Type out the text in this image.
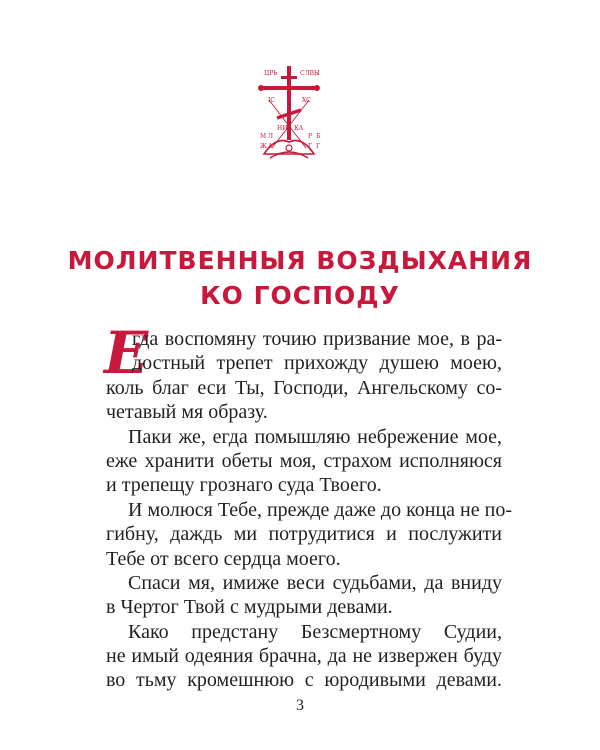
ЦРЬ	СЛВЫ
IC	XC
НИ КА
М Л	Р Б
Ж А	Г Г
МОЛИТВЕННЫЯ ВОЗДЫХАНИЯ
КО ГОСПОДУ
Е
гда воспомяну точию призвание мое, в ра-
достный трепет прихожду душею моею,
коль благ еси Ты, Господи, Ангельскому со-
четавый мя образу.
Паки же, егда помышляю небрежение мое,
еже хранити обеты моя, страхом исполняюся
и трепещу грознаго суда Твоего.
И молюся Тебе, прежде даже до конца не по-
гибну, даждь ми потрудитися и послужити
Тебе от всего сердца моего.
Спаси мя, имиже веси судьбами, да вниду
в Чертог Твой с мудрыми девами.
Како предстану Безсмертному Судии,
не имый одеяния брачна, да не извержен буду
во тьму кромешнюю с юродивыми девами.
3
